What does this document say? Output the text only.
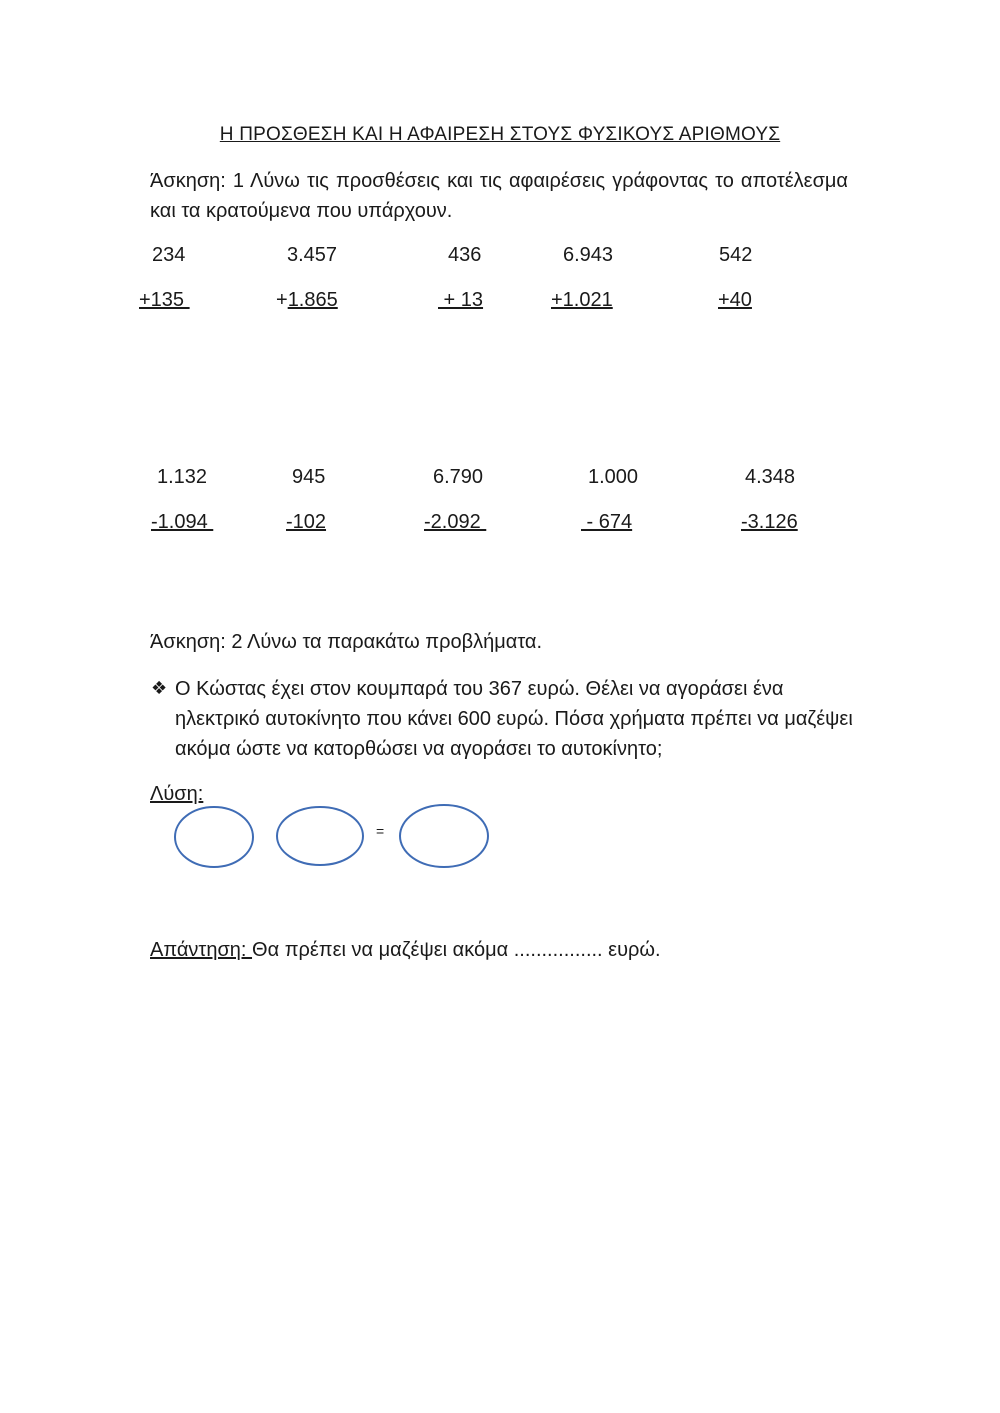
Η ΠΡΟΣΘΕΣΗ ΚΑΙ Η ΑΦΑΙΡΕΣΗ ΣΤΟΥΣ ΦΥΣΙΚΟΥΣ ΑΡΙΘΜΟΥΣ
Άσκηση: 1 Λύνω τις προσθέσεις και τις αφαιρέσεις γράφοντας το αποτέλεσμα και τα κρατούμενα που υπάρχουν.
234
+135
3.457
+1.865
436
+ 13
6.943
+1.021
542
+40
1.132
-1.094
945
-102
6.790
-2.092
1.000
- 674
4.348
-3.126
Άσκηση: 2 Λύνω τα παρακάτω προβλήματα.
❖ Ο Κώστας έχει στον κουμπαρά του 367 ευρώ. Θέλει να αγοράσει ένα ηλεκτρικό αυτοκίνητο που κάνει 600 ευρώ. Πόσα χρήματα πρέπει να μαζέψει ακόμα ώστε να κατορθώσει να αγοράσει το αυτοκίνητο;
Λύση:
=
Απάντηση: Θα πρέπει να μαζέψει ακόμα ................ ευρώ.
